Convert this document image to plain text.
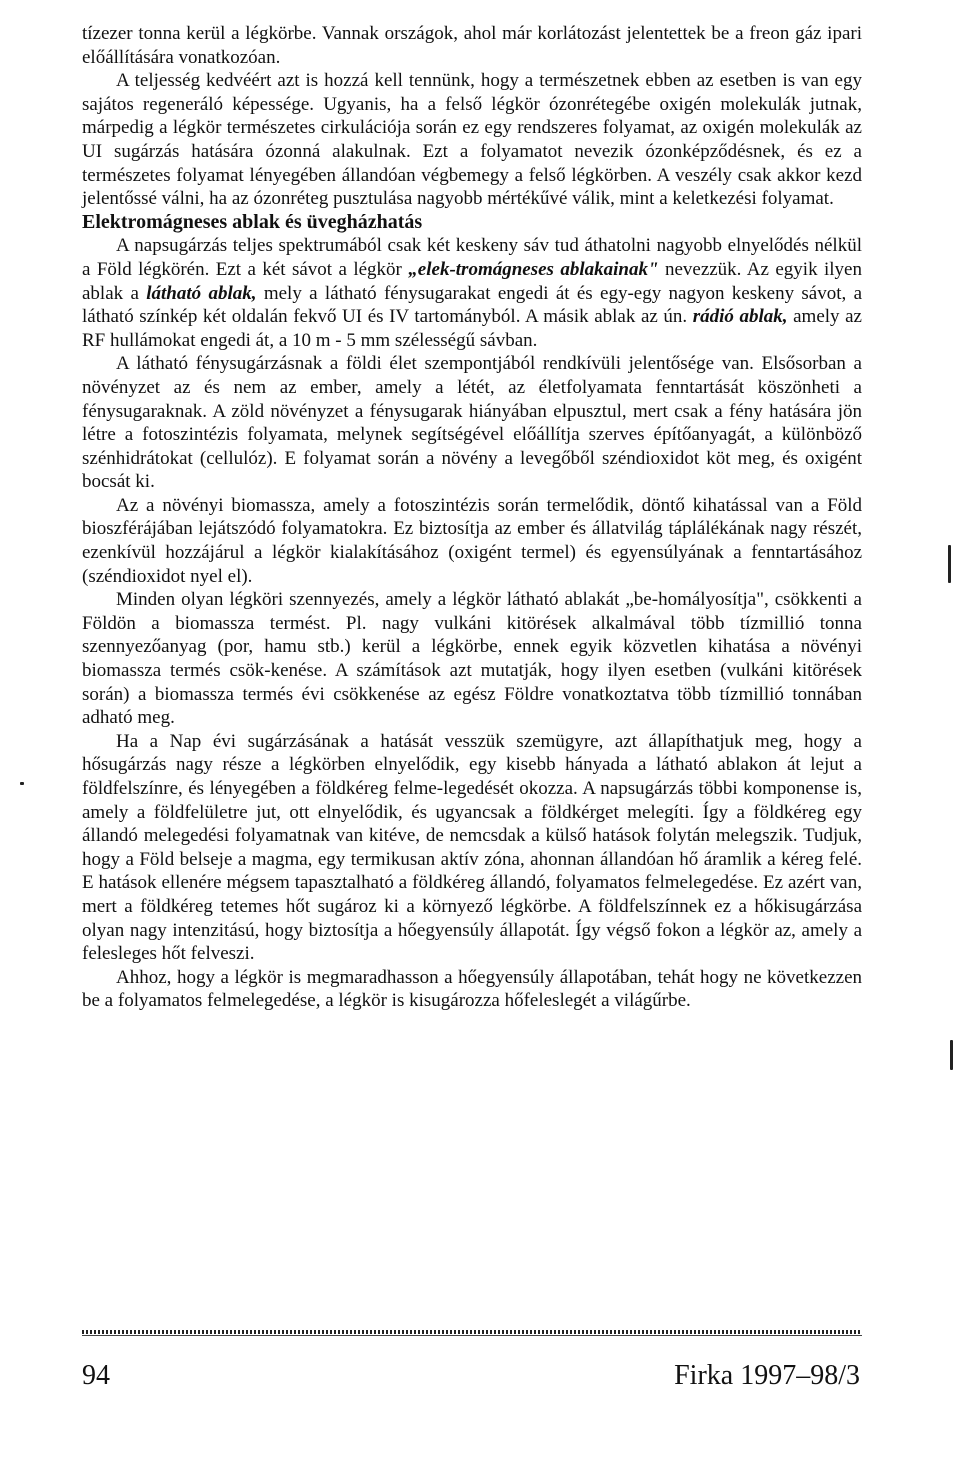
tízezer tonna kerül a légkörbe. Vannak országok, ahol már korlátozást jelentettek be a freon gáz ipari előállítására vonatkozóan.

A teljesség kedvéért azt is hozzá kell tennünk, hogy a természetnek ebben az esetben is van egy sajátos regeneráló képessége. Ugyanis, ha a felső légkör ózonrétegébe oxigén molekulák jutnak, márpedig a légkör természetes cirkulációja során ez egy rendszeres folyamat, az oxigén molekulák az UI sugárzás hatására ózonná alakulnak. Ezt a folyamatot nevezik ózonképződésnek, és ez a természetes folyamat lényegében állandóan végbemegy a felső légkörben. A veszély csak akkor kezd jelentőssé válni, ha az ózonréteg pusztulása nagyobb mértékűvé válik, mint a keletkezési folyamat.

Elektromágneses ablak és üvegházhatás

A napsugárzás teljes spektrumából csak két keskeny sáv tud áthatolni nagyobb elnyelődés nélkül a Föld légkörén. Ezt a két sávot a légkör „elek-tromágneses ablakainak" nevezzük. Az egyik ilyen ablak a látható ablak, mely a látható fénysugarakat engedi át és egy-egy nagyon keskeny sávot, a látható színkép két oldalán fekvő UI és IV tartományból. A másik ablak az ún. rádió ablak, amely az RF hullámokat engedi át, a 10 m - 5 mm szélességű sávban.

A látható fénysugárzásnak a földi élet szempontjából rendkívüli jelentősége van. Elsősorban a növényzet az és nem az ember, amely a létét, az életfolyamata fenntartását köszönheti a fénysugaraknak. A zöld növényzet a fénysugarak hiányában elpusztul, mert csak a fény hatására jön létre a fotoszintézis folyamata, melynek segítségével előállítja szerves építőanyagát, a különböző szénhidrátokat (cellulóz). E folyamat során a növény a levegőből széndioxidot köt meg, és oxigént bocsát ki.

Az a növényi biomassza, amely a fotoszintézis során termelődik, döntő kihatással van a Föld bioszférájában lejátszódó folyamatokra. Ez biztosítja az ember és állatvilág táplálékának nagy részét, ezenkívül hozzájárul a légkör kialakításához (oxigént termel) és egyensúlyának a fenntartásához (széndioxidot nyel el).

Minden olyan légköri szennyezés, amely a légkör látható ablakát „be-homályosítja", csökkenti a Földön a biomassza termést. Pl. nagy vulkáni kitörések alkalmával több tízmillió tonna szennyezőanyag (por, hamu stb.) kerül a légkörbe, ennek egyik közvetlen kihatása a növényi biomassza termés csök-kenése. A számítások azt mutatják, hogy ilyen esetben (vulkáni kitörések során) a biomassza termés évi csökkenése az egész Földre vonatkoztatva több tízmillió tonnában adható meg.

Ha a Nap évi sugárzásának a hatását vesszük szemügyre, azt állapíthatjuk meg, hogy a hősugárzás nagy része a légkörben elnyelődik, egy kisebb hányada a látható ablakon át lejut a földfelszínre, és lényegében a földkéreg felme-legedését okozza. A napsugárzás többi komponense is, amely a földfelületre jut, ott elnyelődik, és ugyancsak a földkérget melegíti. Így a földkéreg egy állandó melegedési folyamatnak van kitéve, de nemcsdak a külső hatások folytán melegszik. Tudjuk, hogy a Föld belseje a magma, egy termikusan aktív zóna, ahonnan állandóan hő áramlik a kéreg felé. E hatások ellenére mégsem tapasztalható a földkéreg állandó, folyamatos felmelegedése. Ez azért van, mert a földkéreg tetemes hőt sugároz ki a környező légkörbe. A földfelszínnek ez a hőkisugárzása olyan nagy intenzitású, hogy biztosítja a hőegyensúly állapotát. Így végső fokon a légkör az, amely a felesleges hőt felveszi.

Ahhoz, hogy a légkör is megmaradhasson a hőegyensúly állapotában, tehát hogy ne következzen be a folyamatos felmelegedése, a légkör is kisugározza hőfeleslegét a világűrbe.

94	Firka 1997–98/3
